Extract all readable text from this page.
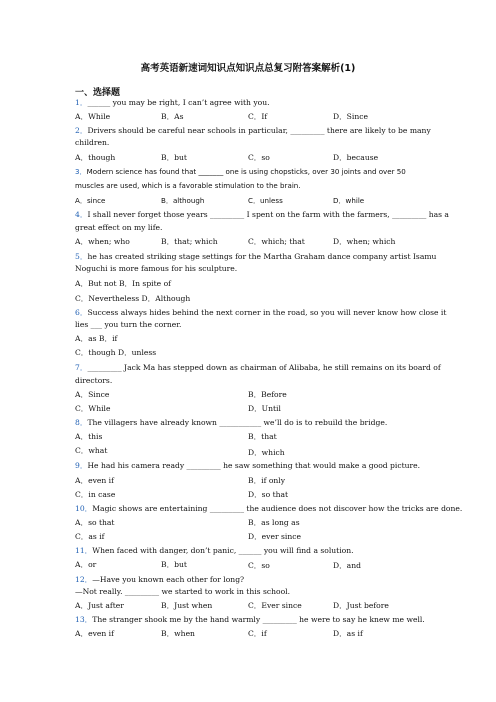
高考英语新速词知识点知识点总复习附答案解析(1)
一、选择题
1．______ you may be right, I can’t agree with you.
A．While	B．As	C．If	D．Since
2．Drivers should be careful near schools in particular, _________ there are likely to be many
children.
A．though	B．but	C．so	D．because
3．Modern science has found that _______ one is using chopsticks, over 30 joints and over 50
muscles are used, which is a favorable stimulation to the brain.
A．since	B．although	C．unless	D．while
4．I shall never forget those years _________ I spent on the farm with the farmers, _________ has a
great effect on my life.
A．when; who	B．that; which	C．which; that	D．when; which
5．he has created striking stage settings for the Martha Graham dance company artist Isamu
Noguchi is more famous for his sculpture.
A．But not B．In spite of
C．Nevertheless D．Although
6．Success always hides behind the next corner in the road, so you will never know how close it
lies ___ you turn the corner.
A．as B．if
C．though D．unless
7．_________ Jack Ma has stepped down as chairman of Alibaba, he still remains on its board of
directors.
A．Since	B．Before
C．While	D．Until
8．The villagers have already known ___________ we’ll do is to rebuild the bridge.
A．this	B．that
C．what	D．which
9．He had his camera ready _________ he saw something that would make a good picture.
A．even if	B．if only
C．in case	D．so that
10．Magic shows are entertaining _________ the audience does not discover how the tricks are done.
A．so that	B．as long as
C．as if	D．ever since
11．When faced with danger, don’t panic, ______ you will find a solution.
A．or	B．but	C．so	D．and
12．—Have you known each other for long?
—Not really. _________ we started to work in this school.
A．Just after	B．Just when	C．Ever since	D．Just before
13．The stranger shook me by the hand warmly _________ he were to say he knew me well.
A．even if	B．when	C．if	D．as if
